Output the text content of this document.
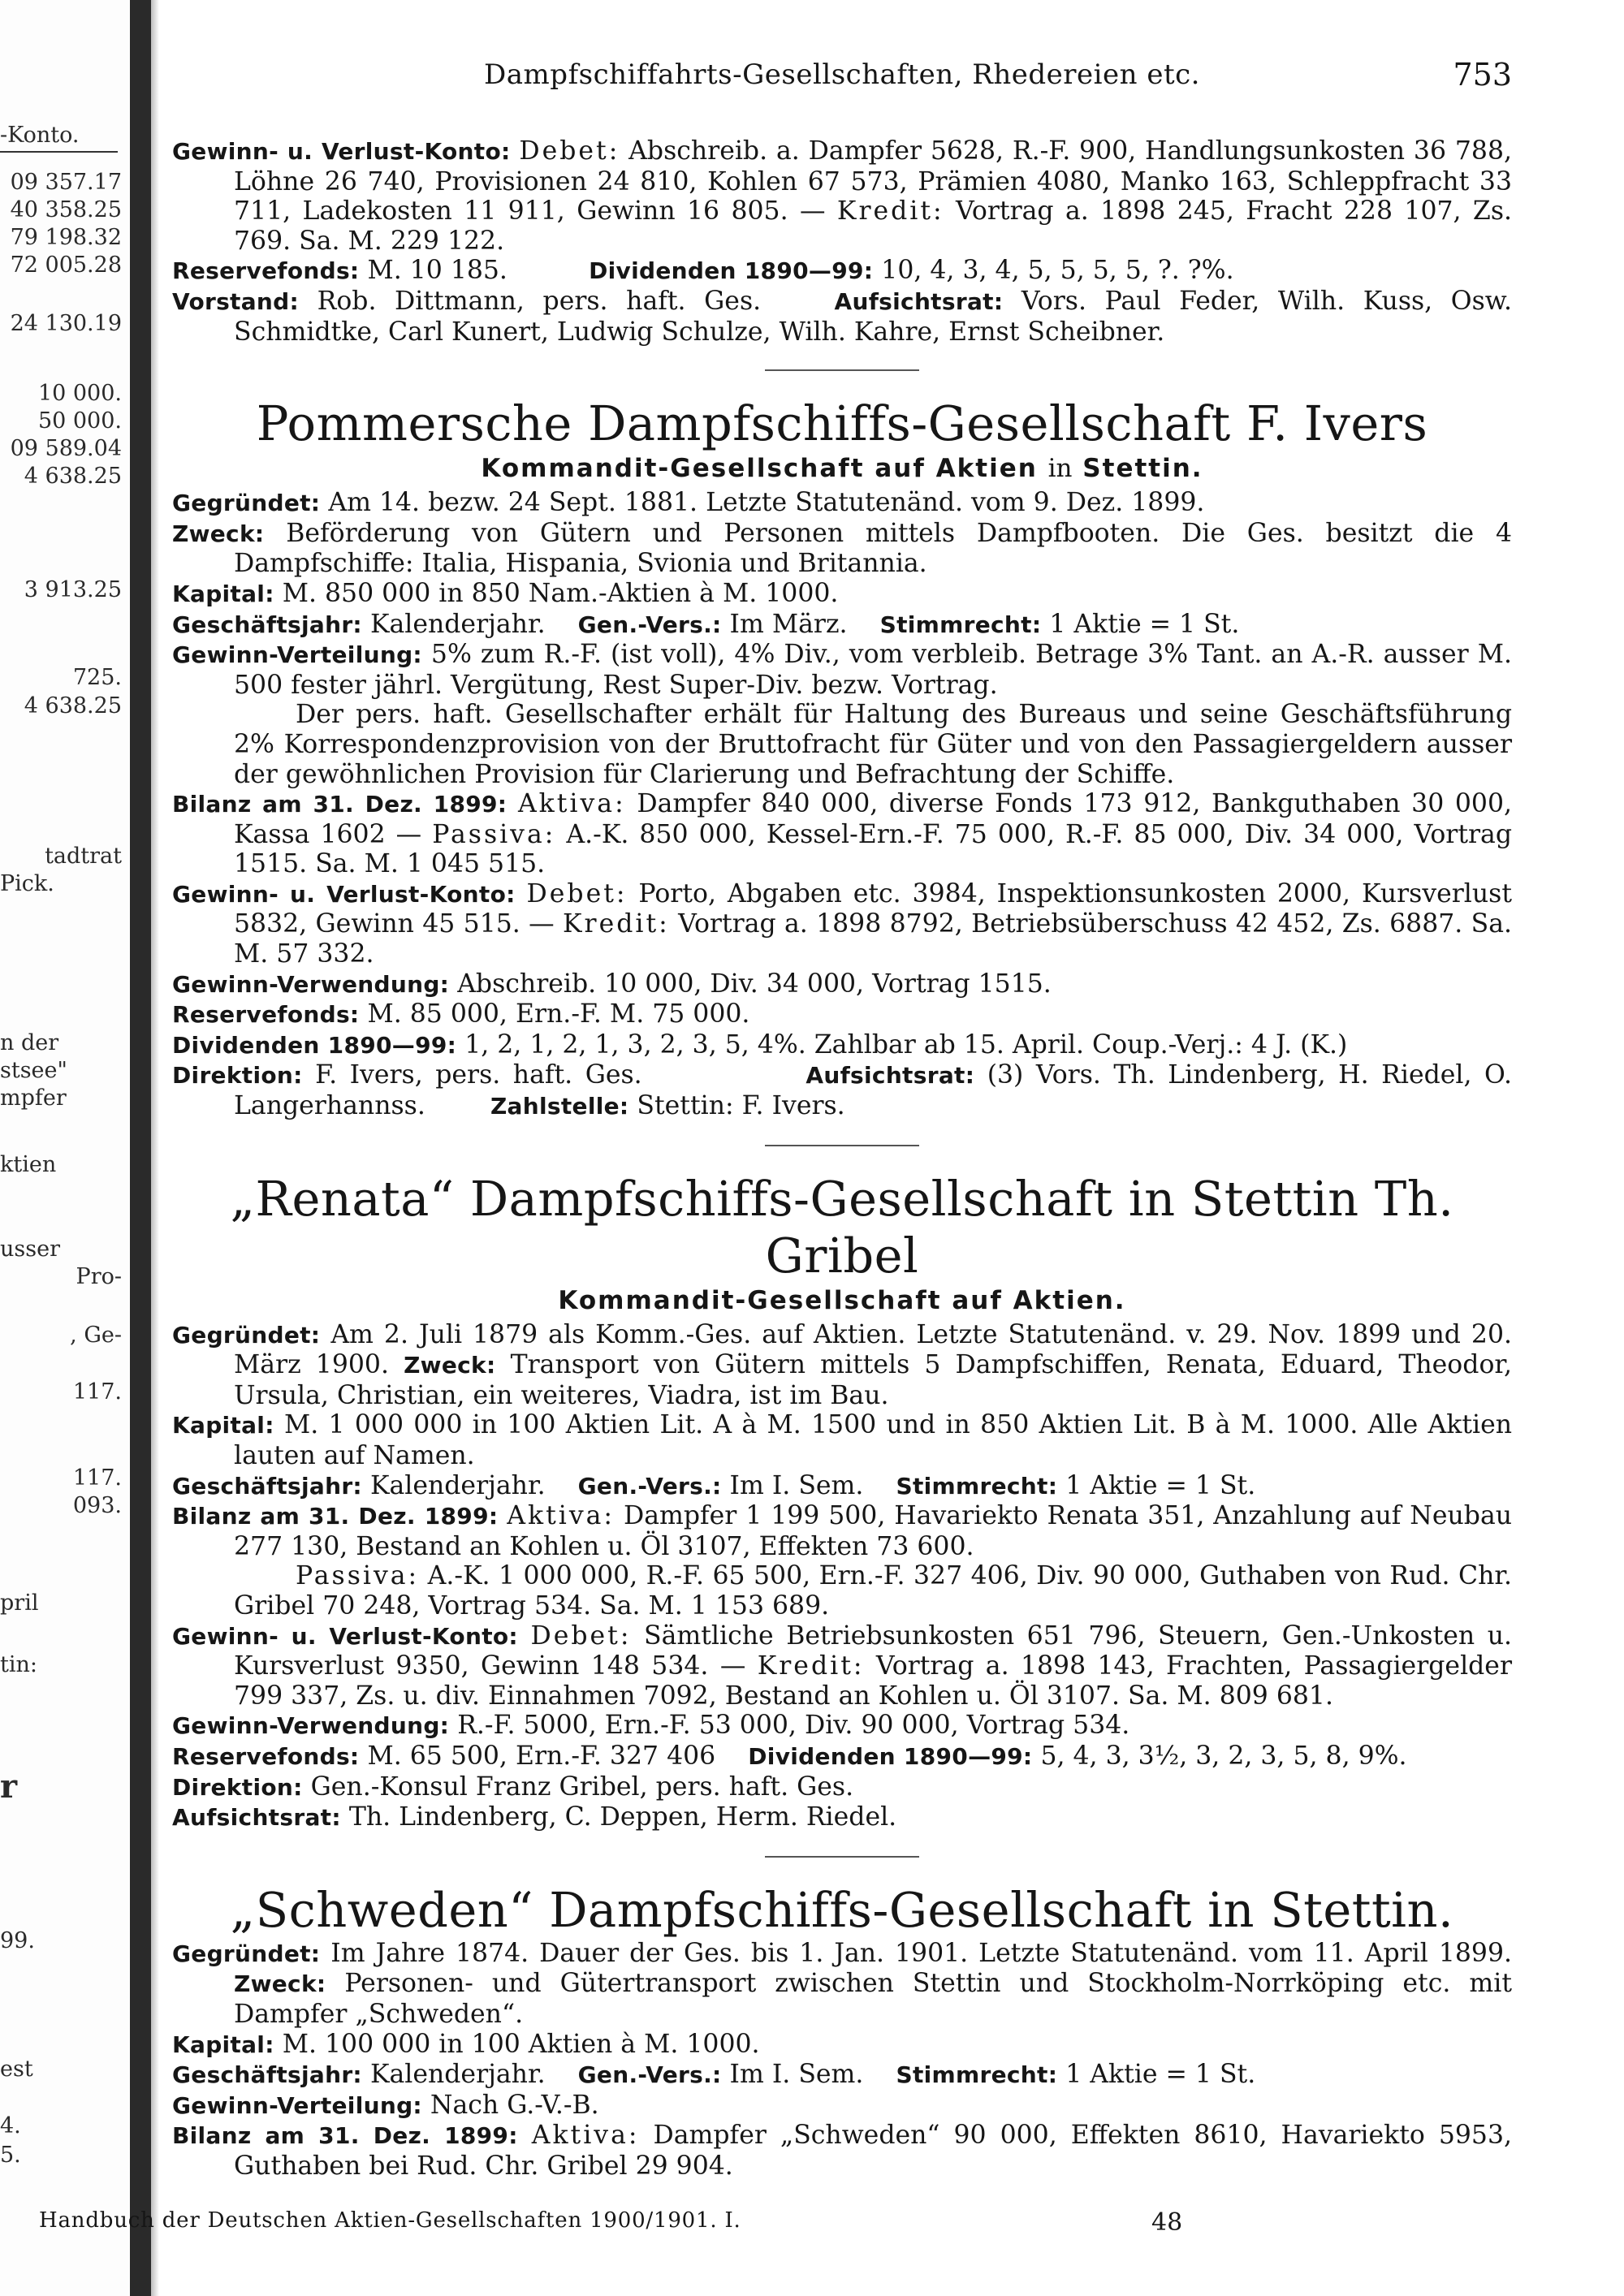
-Konto.
09 357.17
40 358.25
79 198.32
72 005.28
24 130.19
10 000.
50 000.
09 589.04
4 638.25
3 913.25
725.
4 638.25
tadtrat
Pick.
n der
stsee"
mpfer
ktien
usser
Pro-
, Ge-
117.
117.
093.
pril
tin:
r
99.
est
4.
5.
Dampfschiffahrts-Gesellschaften, Rhedereien etc.	753

Gewinn- u. Verlust-Konto: Debet: Abschreib. a. Dampfer 5628, R.-F. 900, Handlungsunkosten 36 788, Löhne 26 740, Provisionen 24 810, Kohlen 67 573, Prämien 4080, Manko 163, Schleppfracht 33 711, Ladekosten 11 911, Gewinn 16 805. — Kredit: Vortrag a. 1898 245, Fracht 228 107, Zs. 769. Sa. M. 229 122.

Reservefonds: M. 10 185.	Dividenden 1890—99: 10, 4, 3, 4, 5, 5, 5, 5, ?. ?%.

Vorstand: Rob. Dittmann, pers. haft. Ges.	Aufsichtsrat: Vors. Paul Feder, Wilh. Kuss, Osw. Schmidtke, Carl Kunert, Ludwig Schulze, Wilh. Kahre, Ernst Scheibner.

Pommersche Dampfschiffs-Gesellschaft F. Ivers

Kommandit-Gesellschaft auf Aktien in Stettin.

Gegründet: Am 14. bezw. 24 Sept. 1881. Letzte Statutenänd. vom 9. Dez. 1899.

Zweck: Beförderung von Gütern und Personen mittels Dampfbooten. Die Ges. besitzt die 4 Dampfschiffe: Italia, Hispania, Svionia und Britannia.

Kapital: M. 850 000 in 850 Nam.-Aktien à M. 1000.

Geschäftsjahr: Kalenderjahr. Gen.-Vers.: Im März. Stimmrecht: 1 Aktie = 1 St.

Gewinn-Verteilung: 5% zum R.-F. (ist voll), 4% Div., vom verbleib. Betrage 3% Tant. an A.-R. ausser M. 500 fester jährl. Vergütung, Rest Super-Div. bezw. Vortrag.

Der pers. haft. Gesellschafter erhält für Haltung des Bureaus und seine Geschäftsführung 2% Korrespondenzprovision von der Bruttofracht für Güter und von den Passagiergeldern ausser der gewöhnlichen Provision für Clarierung und Befrachtung der Schiffe.

Bilanz am 31. Dez. 1899: Aktiva: Dampfer 840 000, diverse Fonds 173 912, Bankguthaben 30 000, Kassa 1602 — Passiva: A.-K. 850 000, Kessel-Ern.-F. 75 000, R.-F. 85 000, Div. 34 000, Vortrag 1515. Sa. M. 1 045 515.

Gewinn- u. Verlust-Konto: Debet: Porto, Abgaben etc. 3984, Inspektionsunkosten 2000, Kursverlust 5832, Gewinn 45 515. — Kredit: Vortrag a. 1898 8792, Betriebsüberschuss 42 452, Zs. 6887. Sa. M. 57 332.

Gewinn-Verwendung: Abschreib. 10 000, Div. 34 000, Vortrag 1515.

Reservefonds: M. 85 000, Ern.-F. M. 75 000.

Dividenden 1890—99: 1, 2, 1, 2, 1, 3, 2, 3, 5, 4%. Zahlbar ab 15. April. Coup.-Verj.: 4 J. (K.)

Direktion: F. Ivers, pers. haft. Ges.	Aufsichtsrat: (3) Vors. Th. Lindenberg, H. Riedel, O. Langerhannss.	Zahlstelle: Stettin: F. Ivers.

„Renata“ Dampfschiffs-Gesellschaft in Stettin Th. Gribel

Kommandit-Gesellschaft auf Aktien.

Gegründet: Am 2. Juli 1879 als Komm.-Ges. auf Aktien. Letzte Statutenänd. v. 29. Nov. 1899 und 20. März 1900. Zweck: Transport von Gütern mittels 5 Dampfschiffen, Renata, Eduard, Theodor, Ursula, Christian, ein weiteres, Viadra, ist im Bau.

Kapital: M. 1 000 000 in 100 Aktien Lit. A à M. 1500 und in 850 Aktien Lit. B à M. 1000. Alle Aktien lauten auf Namen.

Geschäftsjahr: Kalenderjahr. Gen.-Vers.: Im I. Sem. Stimmrecht: 1 Aktie = 1 St.

Bilanz am 31. Dez. 1899: Aktiva: Dampfer 1 199 500, Havariekto Renata 351, Anzahlung auf Neubau 277 130, Bestand an Kohlen u. Öl 3107, Effekten 73 600.

Passiva: A.-K. 1 000 000, R.-F. 65 500, Ern.-F. 327 406, Div. 90 000, Guthaben von Rud. Chr. Gribel 70 248, Vortrag 534. Sa. M. 1 153 689.

Gewinn- u. Verlust-Konto: Debet: Sämtliche Betriebsunkosten 651 796, Steuern, Gen.-Unkosten u. Kursverlust 9350, Gewinn 148 534. — Kredit: Vortrag a. 1898 143, Frachten, Passagiergelder 799 337, Zs. u. div. Einnahmen 7092, Bestand an Kohlen u. Öl 3107. Sa. M. 809 681.

Gewinn-Verwendung: R.-F. 5000, Ern.-F. 53 000, Div. 90 000, Vortrag 534.

Reservefonds: M. 65 500, Ern.-F. 327 406 Dividenden 1890—99: 5, 4, 3, 3½, 3, 2, 3, 5, 8, 9%.

Direktion: Gen.-Konsul Franz Gribel, pers. haft. Ges.

Aufsichtsrat: Th. Lindenberg, C. Deppen, Herm. Riedel.

„Schweden“ Dampfschiffs-Gesellschaft in Stettin.

Gegründet: Im Jahre 1874. Dauer der Ges. bis 1. Jan. 1901. Letzte Statutenänd. vom 11. April 1899. Zweck: Personen- und Gütertransport zwischen Stettin und Stockholm-Norrköping etc. mit Dampfer „Schweden“.

Kapital: M. 100 000 in 100 Aktien à M. 1000.

Geschäftsjahr: Kalenderjahr. Gen.-Vers.: Im I. Sem. Stimmrecht: 1 Aktie = 1 St.

Gewinn-Verteilung: Nach G.-V.-B.

Bilanz am 31. Dez. 1899: Aktiva: Dampfer „Schweden“ 90 000, Effekten 8610, Havariekto 5953, Guthaben bei Rud. Chr. Gribel 29 904.

Handbuch der Deutschen Aktien-Gesellschaften 1900/1901. I.	48
